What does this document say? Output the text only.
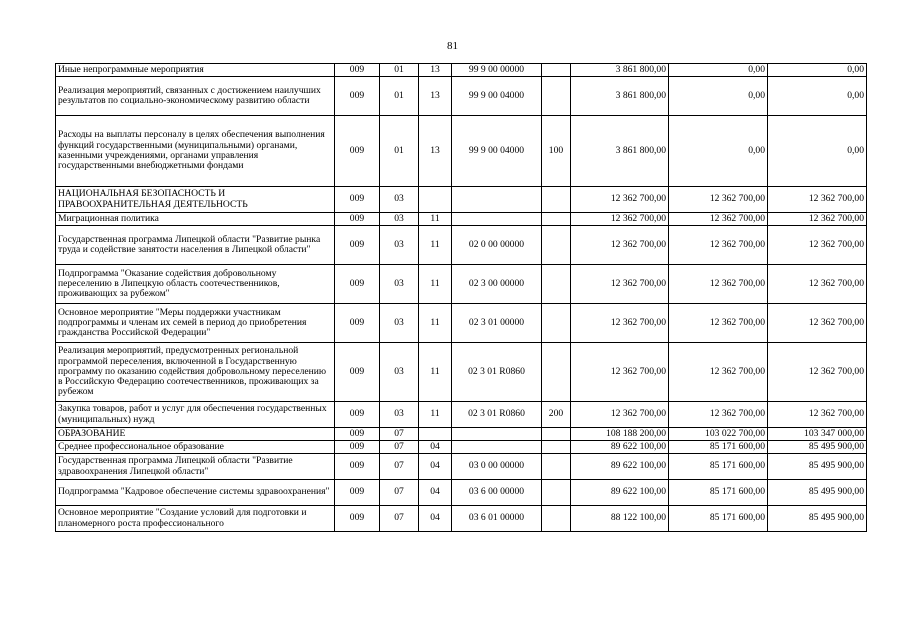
81
Иные непрограммные мероприятия	009	01	13	99 9 00 00000		3 861 800,00	0,00	0,00
Реализация мероприятий, связанных с достижением наилучших результатов по социально-экономическому развитию области	009	01	13	99 9 00 04000		3 861 800,00	0,00	0,00
Расходы на выплаты персоналу в целях обеспечения выполнения функций государственными (муниципальными) органами, казенными учреждениями, органами управления государственными внебюджетными фондами	009	01	13	99 9 00 04000	100	3 861 800,00	0,00	0,00
НАЦИОНАЛЬНАЯ БЕЗОПАСНОСТЬ И ПРАВООХРАНИТЕЛЬНАЯ ДЕЯТЕЛЬНОСТЬ	009	03				12 362 700,00	12 362 700,00	12 362 700,00
Миграционная политика	009	03	11			12 362 700,00	12 362 700,00	12 362 700,00
Государственная программа Липецкой области "Развитие рынка труда и содействие занятости населения в Липецкой области"	009	03	11	02 0 00 00000		12 362 700,00	12 362 700,00	12 362 700,00
Подпрограмма "Оказание содействия добровольному переселению в Липецкую область соотечественников, проживающих за рубежом"	009	03	11	02 3 00 00000		12 362 700,00	12 362 700,00	12 362 700,00
Основное мероприятие "Меры поддержки участникам подпрограммы и членам их семей в период до приобретения гражданства Российской Федерации"	009	03	11	02 3 01 00000		12 362 700,00	12 362 700,00	12 362 700,00
Реализация мероприятий, предусмотренных региональной программой переселения, включенной в Государственную программу по оказанию содействия добровольному переселению в Российскую Федерацию соотечественников, проживающих за рубежом	009	03	11	02 3 01 R0860		12 362 700,00	12 362 700,00	12 362 700,00
Закупка товаров, работ и услуг для обеспечения государственных (муниципальных) нужд	009	03	11	02 3 01 R0860	200	12 362 700,00	12 362 700,00	12 362 700,00
ОБРАЗОВАНИЕ	009	07				108 188 200,00	103 022 700,00	103 347 000,00
Среднее профессиональное образование	009	07	04			89 622 100,00	85 171 600,00	85 495 900,00
Государственная программа Липецкой области "Развитие здравоохранения Липецкой области"	009	07	04	03 0 00 00000		89 622 100,00	85 171 600,00	85 495 900,00
Подпрограмма "Кадровое обеспечение системы здравоохранения"	009	07	04	03 6 00 00000		89 622 100,00	85 171 600,00	85 495 900,00
Основное мероприятие "Создание условий для подготовки и планомерного роста профессионального	009	07	04	03 6 01 00000		88 122 100,00	85 171 600,00	85 495 900,00
